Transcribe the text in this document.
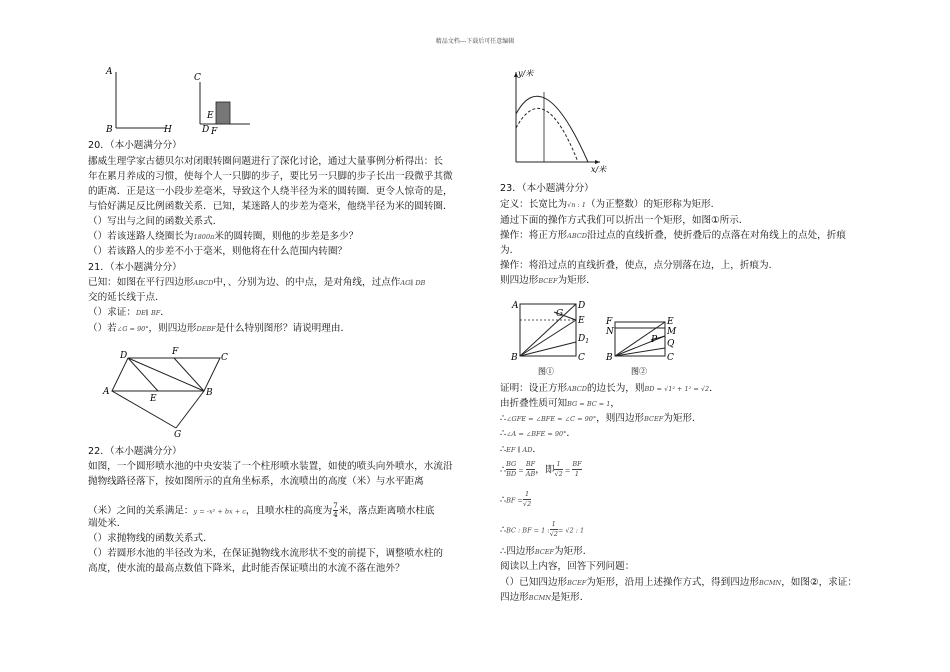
精品文档---下载后可任意编辑
A
B	H
C
E
D F
20．（本小题满分分）
挪威生理学家古德贝尔对闭眼转圈问题进行了深化讨论，通过大量事例分析得出：长
年在累月养成的习惯，使每个人一只脚的步子，要比另一只脚的步子长出一段微乎其微
的距离．正是这一小段步差毫米，导致这个人绕半径为米的圆转圈．更令人惊奇的是，
与恰好满足反比例函数关系．已知，某迷路人的步差为毫米，他绕半径为米的圆转圈．
（）写出与之间的函数关系式．
（）若该迷路人绕圈长为1800π米的圆转圈，则他的步差是多少？
（）若该路人的步差不小于毫米，则他将在什么范围内转圈？
21．（本小题满分分）
已知：如图在平行四边形ABCD中，、分别为边、的中点，是对角线，过点作AG∥ DB
交的延长线于点．
（）求证：DE∥ BF．
（）若∠G = 90°，则四边形DEBF是什么特别图形？请说明理由．
D	F
C
A
E
B
G
22．（本小题满分分）
如图，一个圆形喷水池的中央安装了一个柱形喷水装置，如使的喷头向外喷水，水流沿
抛物线路径落下，按如图所示的直角坐标系，水流喷出的高度（米）与水平距离
（米）之间的关系满足：y = -x² + bx + c，且喷水柱的高度为 $\frac{7}{4}$ 米，落点距离喷水柱底
端处米．
（）求抛物线的函数关系式．
（）若圆形水池的半径改为米，在保证抛物线水流形状不变的前提下，调整喷水柱的
高度，使水流的最高点数值下降米，此时能否保证喷出的水流不落在池外？
y/米
x/米
23．（本小题满分分）
定义：长宽比为√n : 1（为正整数）的矩形称为矩形．
通过下面的操作方式我们可以折出一个矩形，如图①所示．
操作：将正方形ABCD沿过点的直线折叠，使折叠后的点落在对角线上的点处，折痕
为．
操作：将沿过点的直线折叠，使点，点分别落在边，上，折痕为．
则四边形BCEF为矩形．
A	D
G
E
$D_1$
B	C
图①
F
N
E
M
P Q
B	C
图②
证明：设正方形ABCD的边长为，则BD = √1² + 1² = √2．
由折叠性质可知BG = BC = 1，
∴∠GFE = ∠BFE = ∠C = 90°，则四边形BCEF为矩形．
∴∠A = ∠BFE = 90°．
∴EF ∥ AD．
∴ $\frac{BG}{BD} = \frac{BF}{AB}$ ，即 $\frac{1}{√2} = \frac{BF}{1}$
∴BF = $\frac{1}{√2}$
∴BC : BF = 1 : $\frac{1}{√2} = √2$ : 1
∴四边形BCEF为矩形．
阅读以上内容，回答下列问题：
（）已知四边形BCEF为矩形，沿用上述操作方式，得到四边形BCMN，如图②，求证：
四边形BCMN是矩形．
